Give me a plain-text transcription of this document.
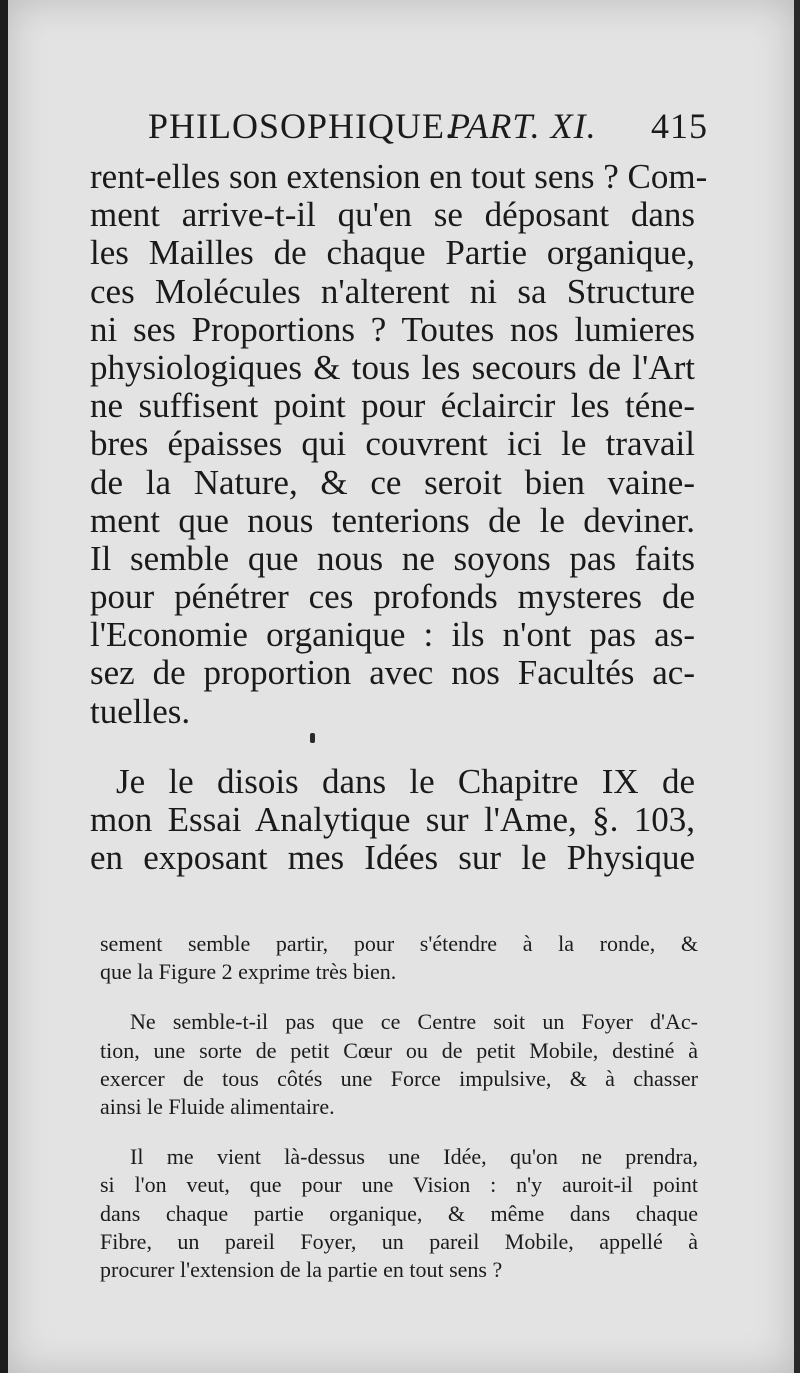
PHILOSOPHIQUE.
PART. XI. 415
rent-elles son extension en tout sens ? Com-
ment arrive-t-il qu'en se déposant dans
les Mailles de chaque Partie organique,
ces Molécules n'alterent ni sa Structure
ni ses Proportions ? Toutes nos lumieres
physiologiques & tous les secours de l'Art
ne suffisent point pour éclaircir les téne-
bres épaisses qui couvrent ici le travail
de la Nature, & ce seroit bien vaine-
ment que nous tenterions de le deviner.
Il semble que nous ne soyons pas faits
pour pénétrer ces profonds mysteres de
l'Economie organique : ils n'ont pas as-
sez de proportion avec nos Facultés ac-
tuelles.
Je le disois dans le Chapitre IX de
mon Essai Analytique sur l'Ame, §. 103,
en exposant mes Idées sur le Physique
sement semble partir, pour s'étendre à la ronde, &
que la Figure 2 exprime très bien.
Ne semble-t-il pas que ce Centre soit un Foyer d'Ac-
tion, une sorte de petit Cœur ou de petit Mobile, destiné à
exercer de tous côtés une Force impulsive, & à chasser
ainsi le Fluide alimentaire.
Il me vient là-dessus une Idée, qu'on ne prendra,
si l'on veut, que pour une Vision : n'y auroit-il point
dans chaque partie organique, & même dans chaque
Fibre, un pareil Foyer, un pareil Mobile, appellé à
procurer l'extension de la partie en tout sens ?
